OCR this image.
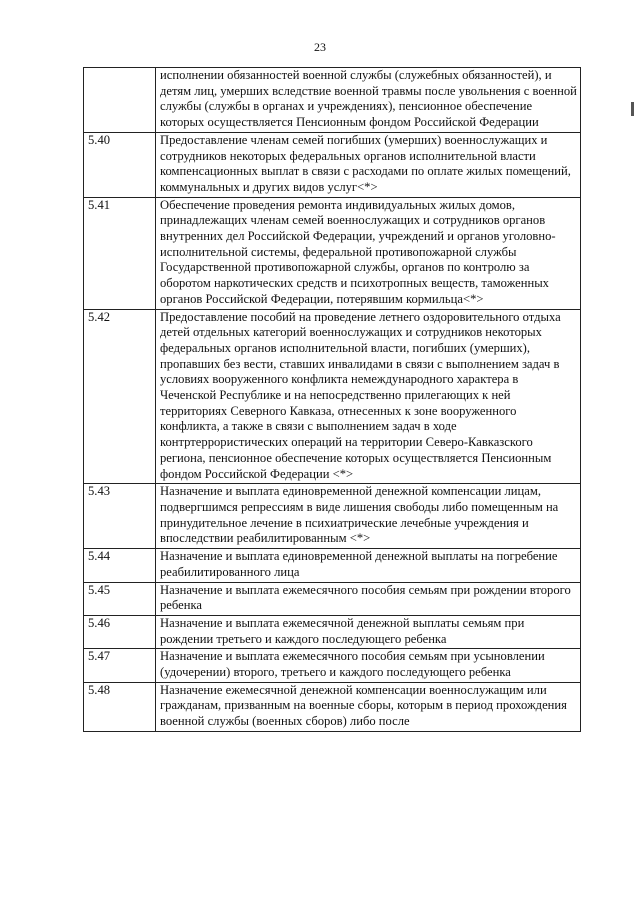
23
	исполнении обязанностей военной службы (служебных обязанностей), и детям лиц, умерших вследствие военной травмы после увольнения с военной службы (службы в органах и учреждениях), пенсионное обеспечение которых осуществляется Пенсионным фондом Российской Федерации
5.40	Предоставление членам семей погибших (умерших) военнослужащих и сотрудников некоторых федеральных органов исполнительной власти компенсационных выплат в связи с расходами по оплате жилых помещений, коммунальных и других видов услуг<*>
5.41	Обеспечение проведения ремонта индивидуальных жилых домов, принадлежащих членам семей военнослужащих и сотрудников органов внутренних дел Российской Федерации, учреждений и органов уголовно- исполнительной системы, федеральной противопожарной службы Государственной противопожарной службы, органов по контролю за оборотом наркотических средств и психотропных веществ, таможенных органов Российской Федерации, потерявшим кормильца<*>
5.42	Предоставление пособий на проведение летнего оздоровительного отдыха детей отдельных категорий военнослужащих и сотрудников некоторых федеральных органов исполнительной власти, погибших (умерших), пропавших без вести, ставших инвалидами в связи с выполнением задач в условиях вооруженного конфликта немеждународного характера в Чеченской Республике и на непосредственно прилегающих к ней территориях Северного Кавказа, отнесенных к зоне вооруженного конфликта, а также в связи с выполнением задач в ходе контртеррористических операций на территории Северо-Кавказского региона, пенсионное обеспечение которых осуществляется Пенсионным фондом Российской Федерации <*>
5.43	Назначение и выплата единовременной денежной компенсации лицам, подвергшимся репрессиям в виде лишения свободы либо помещенным на принудительное лечение в психиатрические лечебные учреждения и впоследствии реабилитированным <*>
5.44	Назначение и выплата единовременной денежной выплаты на погребение реабилитированного лица
5.45	Назначение и выплата ежемесячного пособия семьям при рождении второго ребенка
5.46	Назначение и выплата ежемесячной денежной выплаты семьям при рождении третьего и каждого последующего ребенка
5.47	Назначение и выплата ежемесячного пособия семьям при усыновлении (удочерении) второго, третьего и каждого последующего ребенка
5.48	Назначение ежемесячной денежной компенсации военнослужащим или гражданам, призванным на военные сборы, которым в период прохождения военной службы (военных сборов) либо после
